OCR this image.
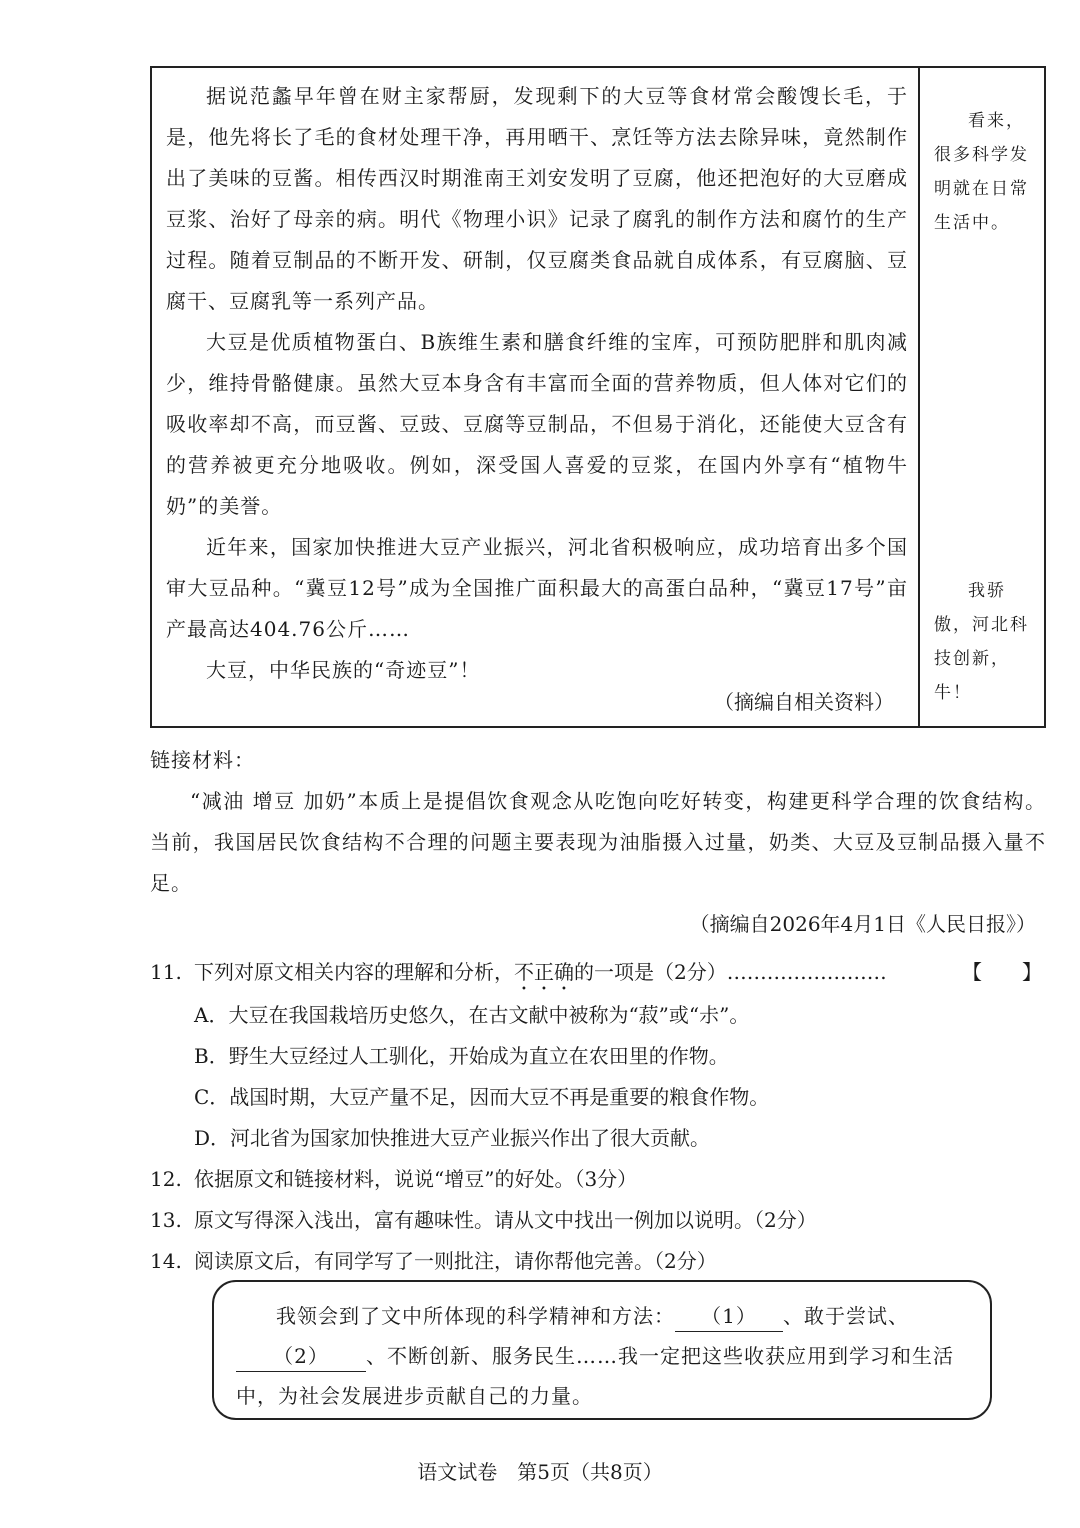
据说范蠡早年曾在财主家帮厨，发现剩下的大豆等食材常会酸馊长毛，于是，他先将长了毛的食材处理干净，再用晒干、烹饪等方法去除异味，竟然制作出了美味的豆酱。相传西汉时期淮南王刘安发明了豆腐，他还把泡好的大豆磨成豆浆、治好了母亲的病。明代《物理小识》记录了腐乳的制作方法和腐竹的生产过程。随着豆制品的不断开发、研制，仅豆腐类食品就自成体系，有豆腐脑、豆腐干、豆腐乳等一系列产品。

大豆是优质植物蛋白、B族维生素和膳食纤维的宝库，可预防肥胖和肌肉减少，维持骨骼健康。虽然大豆本身含有丰富而全面的营养物质，但人体对它们的吸收率却不高，而豆酱、豆豉、豆腐等豆制品，不但易于消化，还能使大豆含有的营养被更充分地吸收。例如，深受国人喜爱的豆浆，在国内外享有“植物牛奶”的美誉。

近年来，国家加快推进大豆产业振兴，河北省积极响应，成功培育出多个国审大豆品种。“冀豆12号”成为全国推广面积最大的高蛋白品种，“冀豆17号”亩产最高达404.76公斤……

大豆，中华民族的“奇迹豆”！

（摘编自相关资料）

看来，很多科学发明就在日常生活中。

我骄傲，河北科技创新，牛！

链接材料：

“减油 增豆 加奶”本质上是提倡饮食观念从吃饱向吃好转变，构建更科学合理的饮食结构。当前，我国居民饮食结构不合理的问题主要表现为油脂摄入过量，奶类、大豆及豆制品摄入量不足。

（摘编自2026年4月1日《人民日报》）

11. 下列对原文相关内容的理解和分析，不正确的一项是（2分）……………………	【　　】

A．大豆在我国栽培历史悠久，在古文献中被称为“菽”或“尗”。

B．野生大豆经过人工驯化，开始成为直立在农田里的作物。

C．战国时期，大豆产量不足，因而大豆不再是重要的粮食作物。

D．河北省为国家加快推进大豆产业振兴作出了很大贡献。

12. 依据原文和链接材料，说说“增豆”的好处。（3分）

13. 原文写得深入浅出，富有趣味性。请从文中找出一例加以说明。（2分）

14. 阅读原文后，有同学写了一则批注，请你帮他完善。（2分）

我领会到了文中所体现的科学精神和方法： （1） 、敢于尝试、（2） 、不断创新、服务民生……我一定把这些收获应用到学习和生活中，为社会发展进步贡献自己的力量。

语文试卷　第5页（共8页）
